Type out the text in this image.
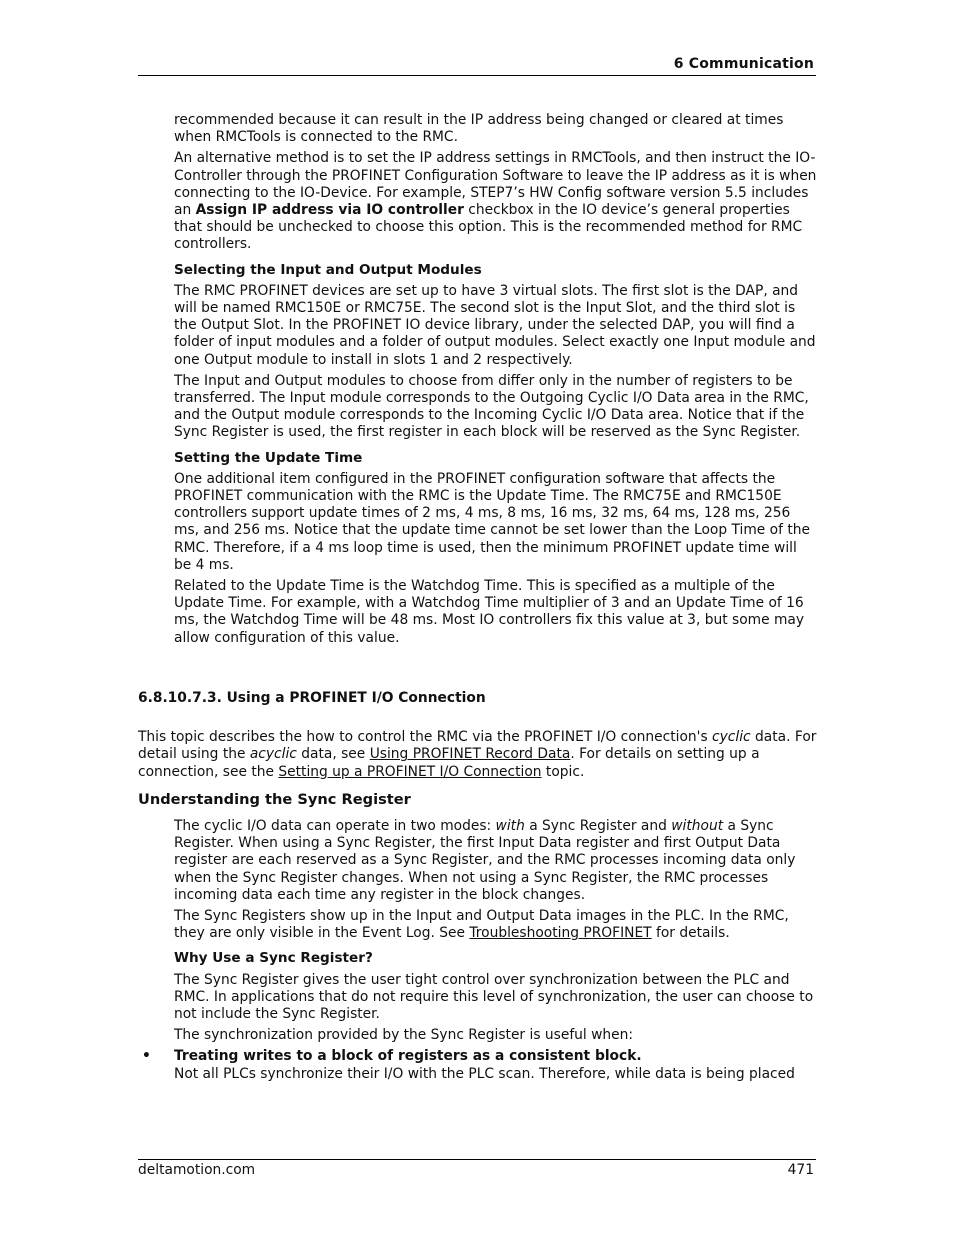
6 Communication

recommended because it can result in the IP address being changed or cleared at times when RMCTools is connected to the RMC.

An alternative method is to set the IP address settings in RMCTools, and then instruct the IO-Controller through the PROFINET Configuration Software to leave the IP address as it is when connecting to the IO-Device. For example, STEP7’s HW Config software version 5.5 includes an Assign IP address via IO controller checkbox in the IO device’s general properties that should be unchecked to choose this option. This is the recommended method for RMC controllers.

Selecting the Input and Output Modules

The RMC PROFINET devices are set up to have 3 virtual slots. The first slot is the DAP, and will be named RMC150E or RMC75E. The second slot is the Input Slot, and the third slot is the Output Slot. In the PROFINET IO device library, under the selected DAP, you will find a folder of input modules and a folder of output modules. Select exactly one Input module and one Output module to install in slots 1 and 2 respectively.

The Input and Output modules to choose from differ only in the number of registers to be transferred. The Input module corresponds to the Outgoing Cyclic I/O Data area in the RMC, and the Output module corresponds to the Incoming Cyclic I/O Data area. Notice that if the Sync Register is used, the first register in each block will be reserved as the Sync Register.

Setting the Update Time

One additional item configured in the PROFINET configuration software that affects the PROFINET communication with the RMC is the Update Time. The RMC75E and RMC150E controllers support update times of 2 ms, 4 ms, 8 ms, 16 ms, 32 ms, 64 ms, 128 ms, 256 ms, and 256 ms. Notice that the update time cannot be set lower than the Loop Time of the RMC. Therefore, if a 4 ms loop time is used, then the minimum PROFINET update time will be 4 ms.

Related to the Update Time is the Watchdog Time. This is specified as a multiple of the Update Time. For example, with a Watchdog Time multiplier of 3 and an Update Time of 16 ms, the Watchdog Time will be 48 ms. Most IO controllers fix this value at 3, but some may allow configuration of this value.

6.8.10.7.3. Using a PROFINET I/O Connection

This topic describes the how to control the RMC via the PROFINET I/O connection's cyclic data. For detail using the acyclic data, see Using PROFINET Record Data. For details on setting up a connection, see the Setting up a PROFINET I/O Connection topic.

Understanding the Sync Register

The cyclic I/O data can operate in two modes: with a Sync Register and without a Sync Register. When using a Sync Register, the first Input Data register and first Output Data register are each reserved as a Sync Register, and the RMC processes incoming data only when the Sync Register changes. When not using a Sync Register, the RMC processes incoming data each time any register in the block changes.

The Sync Registers show up in the Input and Output Data images in the PLC. In the RMC, they are only visible in the Event Log. See Troubleshooting PROFINET for details.

Why Use a Sync Register?

The Sync Register gives the user tight control over synchronization between the PLC and RMC. In applications that do not require this level of synchronization, the user can choose to not include the Sync Register.

The synchronization provided by the Sync Register is useful when:

• Treating writes to a block of registers as a consistent block.
Not all PLCs synchronize their I/O with the PLC scan. Therefore, while data is being placed
deltamotion.com	471
